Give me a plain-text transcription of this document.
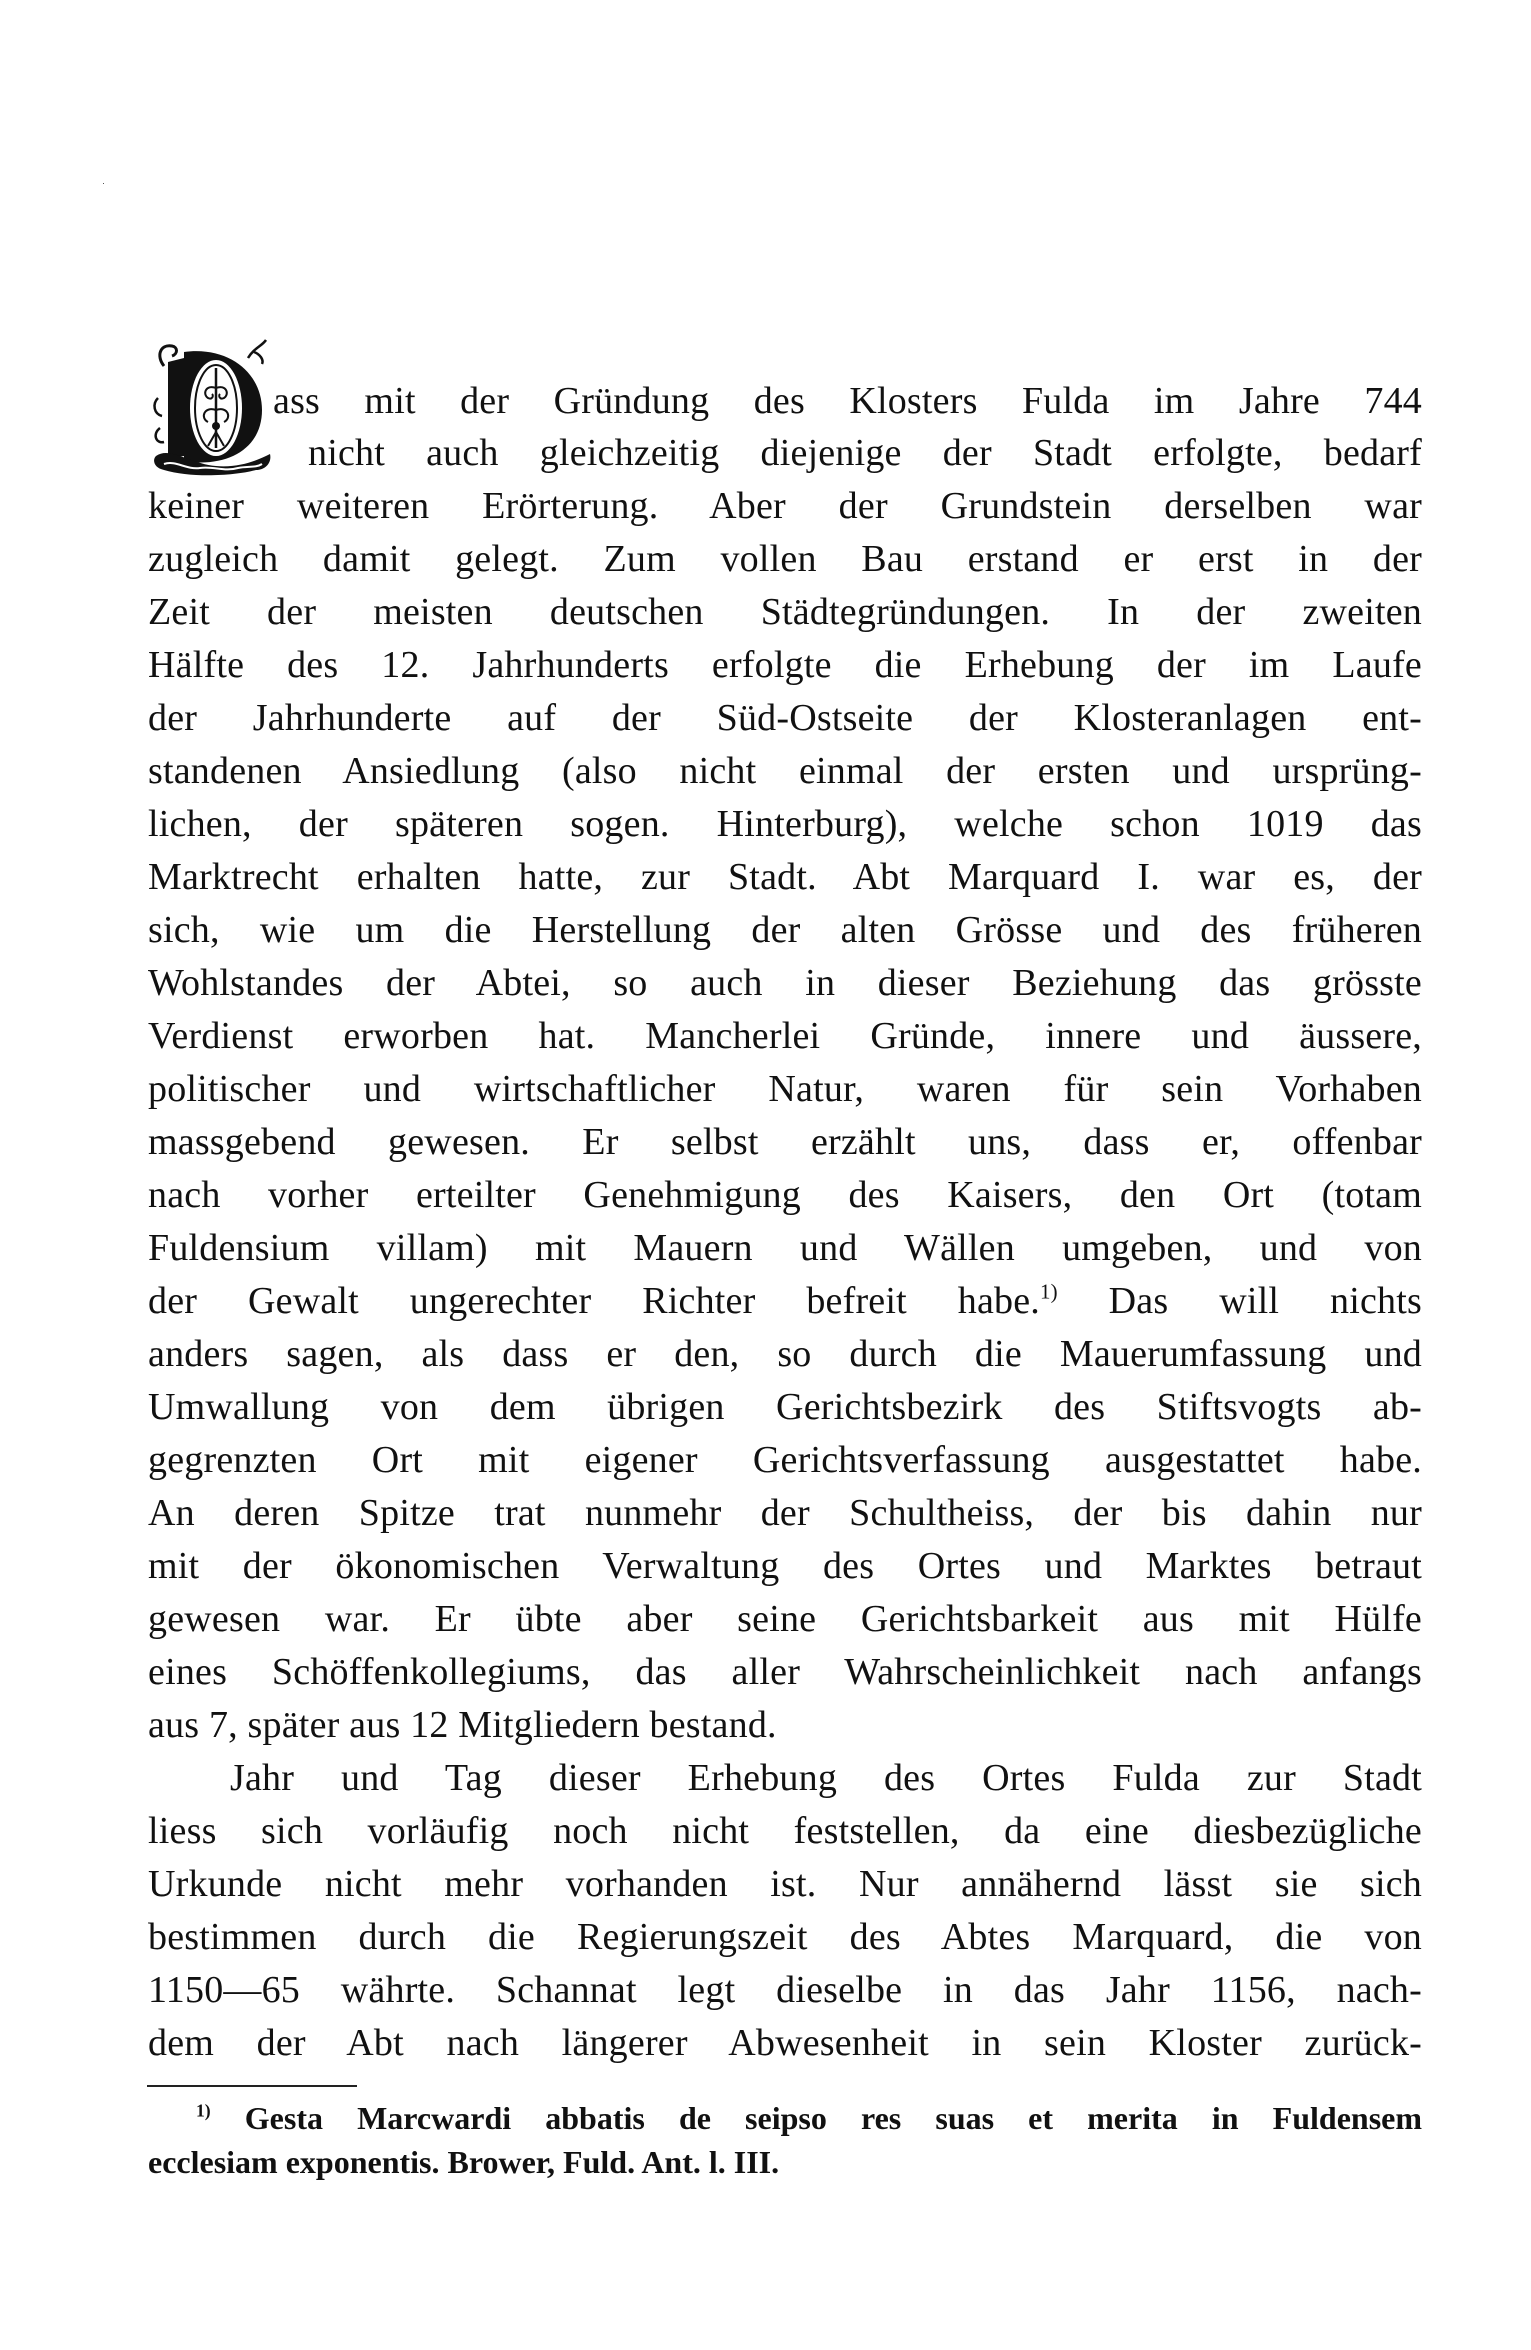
ass mit der Gründung des Klosters Fulda im Jahre 744
nicht auch gleichzeitig diejenige der Stadt erfolgte, bedarf
keiner weiteren Erörterung. Aber der Grundstein derselben war
zugleich damit gelegt. Zum vollen Bau erstand er erst in der
Zeit der meisten deutschen Städtegründungen. In der zweiten
Hälfte des 12. Jahrhunderts erfolgte die Erhebung der im Laufe
der Jahrhunderte auf der Süd-Ostseite der Klosteranlagen ent-
standenen Ansiedlung (also nicht einmal der ersten und ursprüng-
lichen, der späteren sogen. Hinterburg), welche schon 1019 das
Marktrecht erhalten hatte, zur Stadt. Abt Marquard I. war es, der
sich, wie um die Herstellung der alten Grösse und des früheren
Wohlstandes der Abtei, so auch in dieser Beziehung das grösste
Verdienst erworben hat. Mancherlei Gründe, innere und äussere,
politischer und wirtschaftlicher Natur, waren für sein Vorhaben
massgebend gewesen. Er selbst erzählt uns, dass er, offenbar
nach vorher erteilter Genehmigung des Kaisers, den Ort (totam
Fuldensium villam) mit Mauern und Wällen umgeben, und von
der Gewalt ungerechter Richter befreit habe.$^{1)}$ Das will nichts
anders sagen, als dass er den, so durch die Mauerumfassung und
Umwallung von dem übrigen Gerichtsbezirk des Stiftsvogts ab-
gegrenzten Ort mit eigener Gerichtsverfassung ausgestattet habe.
An deren Spitze trat nunmehr der Schultheiss, der bis dahin nur
mit der ökonomischen Verwaltung des Ortes und Marktes betraut
gewesen war. Er übte aber seine Gerichtsbarkeit aus mit Hülfe
eines Schöffenkollegiums, das aller Wahrscheinlichkeit nach anfangs
aus 7, später aus 12 Mitgliedern bestand.
Jahr und Tag dieser Erhebung des Ortes Fulda zur Stadt
liess sich vorläufig noch nicht feststellen, da eine diesbezügliche
Urkunde nicht mehr vorhanden ist. Nur annähernd lässt sie sich
bestimmen durch die Regierungszeit des Abtes Marquard, die von
1150—65 währte. Schannat legt dieselbe in das Jahr 1156, nach-
dem der Abt nach längerer Abwesenheit in sein Kloster zurück-
$^{1)}$ Gesta Marcwardi abbatis de seipso res suas et merita in Fuldensem
ecclesiam exponentis. Brower, Fuld. Ant. l. III.
